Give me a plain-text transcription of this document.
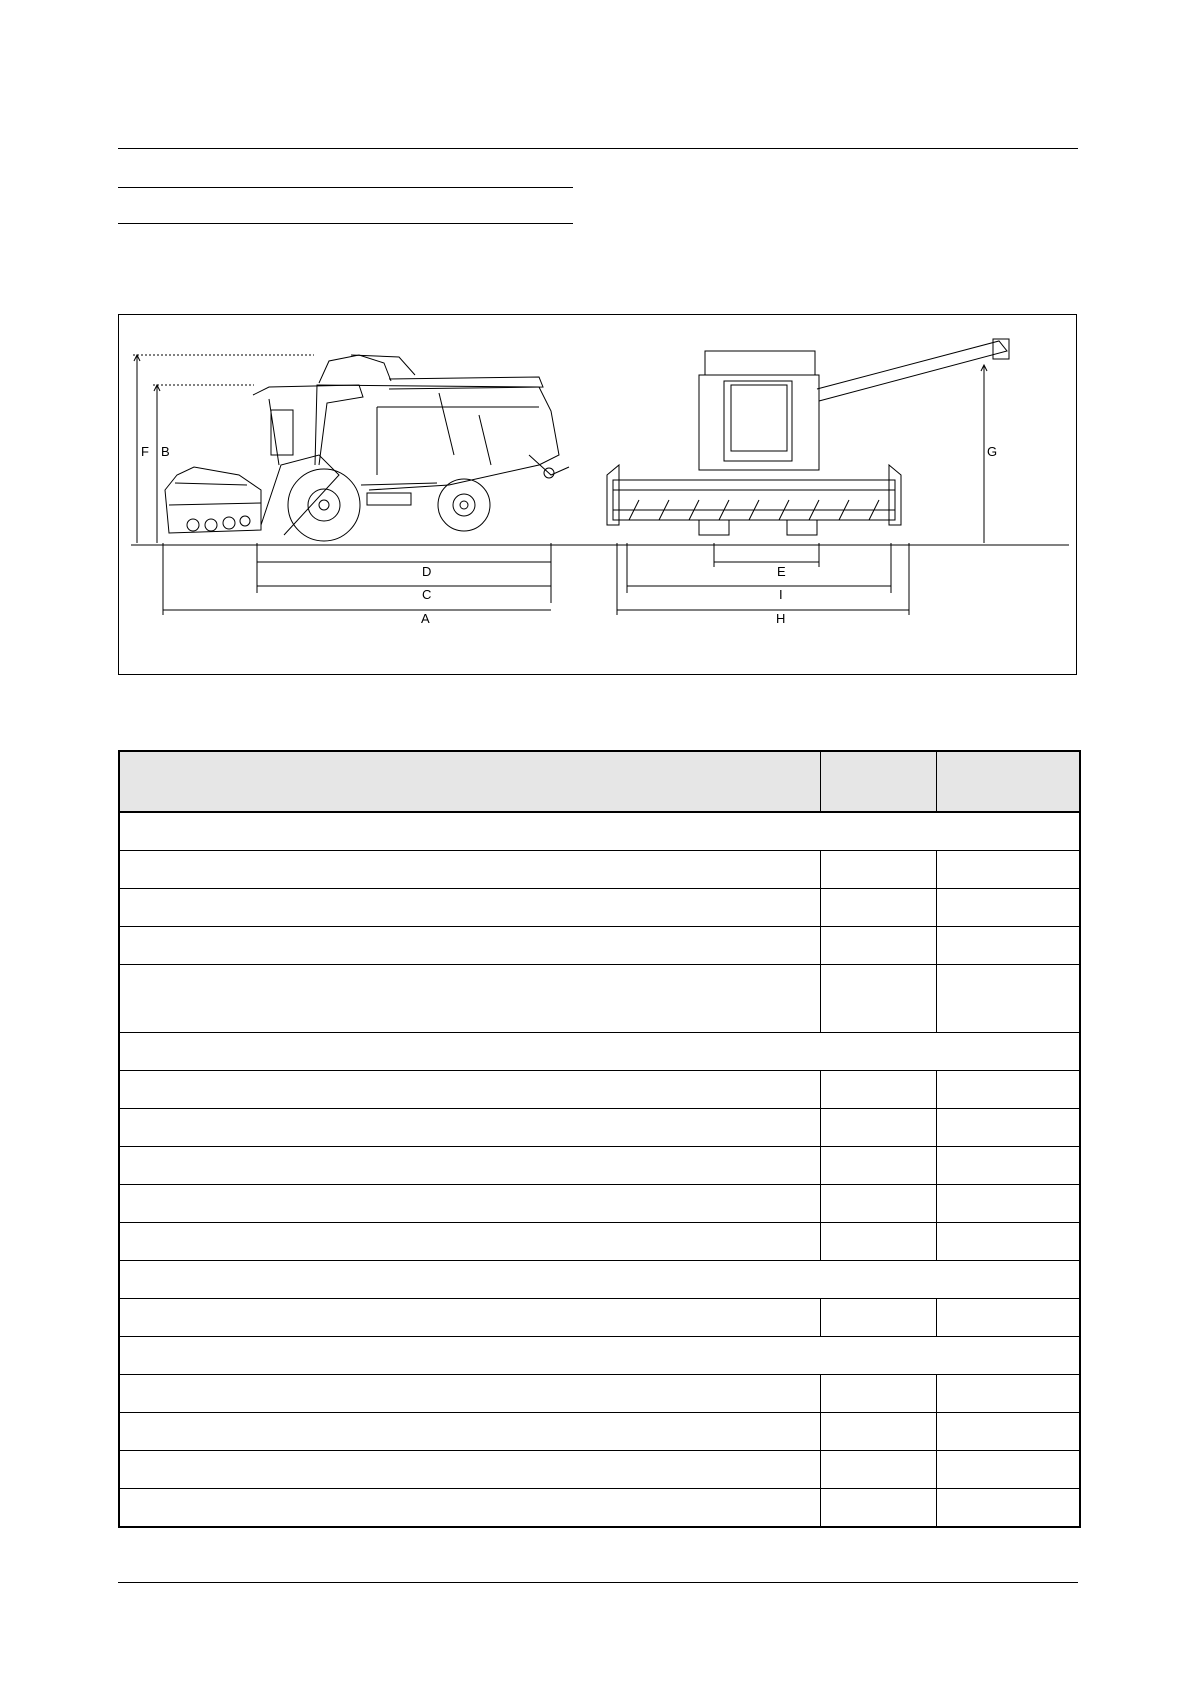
F B	G
D
C
A
E
I
H
